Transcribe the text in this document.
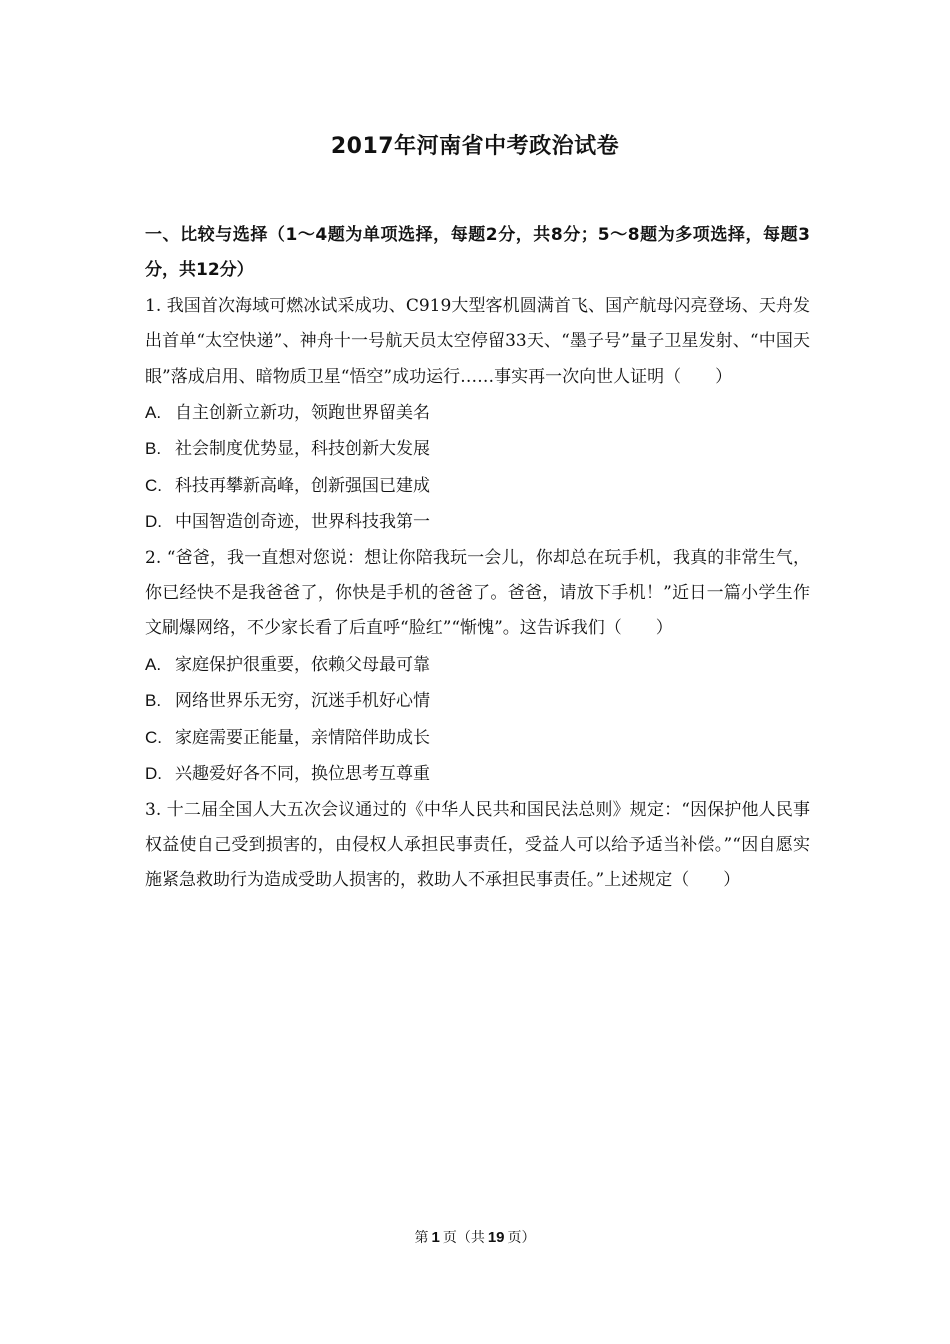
2017年河南省中考政治试卷

一、比较与选择（1～4题为单项选择，每题2分，共8分；5～8题为多项选择，每题3分，共12分）

1. 我国首次海域可燃冰试采成功、C919大型客机圆满首飞、国产航母闪亮登场、天舟发出首单“太空快递”、神舟十一号航天员太空停留33天、“墨子号”量子卫星发射、“中国天眼”落成启用、暗物质卫星“悟空”成功运行……事实再一次向世人证明（　　）

A. 自主创新立新功，领跑世界留美名

B. 社会制度优势显，科技创新大发展

C. 科技再攀新高峰，创新强国已建成

D. 中国智造创奇迹，世界科技我第一

2. “爸爸，我一直想对您说：想让你陪我玩一会儿，你却总在玩手机，我真的非常生气，你已经快不是我爸爸了，你快是手机的爸爸了。爸爸，请放下手机！”近日一篇小学生作文刷爆网络，不少家长看了后直呼“脸红”“惭愧”。这告诉我们（　　）

A. 家庭保护很重要，依赖父母最可靠

B. 网络世界乐无穷，沉迷手机好心情

C. 家庭需要正能量，亲情陪伴助成长

D. 兴趣爱好各不同，换位思考互尊重

3. 十二届全国人大五次会议通过的《中华人民共和国民法总则》规定：“因保护他人民事权益使自己受到损害的，由侵权人承担民事责任，受益人可以给予适当补偿。”“因自愿实施紧急救助行为造成受助人损害的，救助人不承担民事责任。”上述规定（　　）

第 1 页（共 19 页）
